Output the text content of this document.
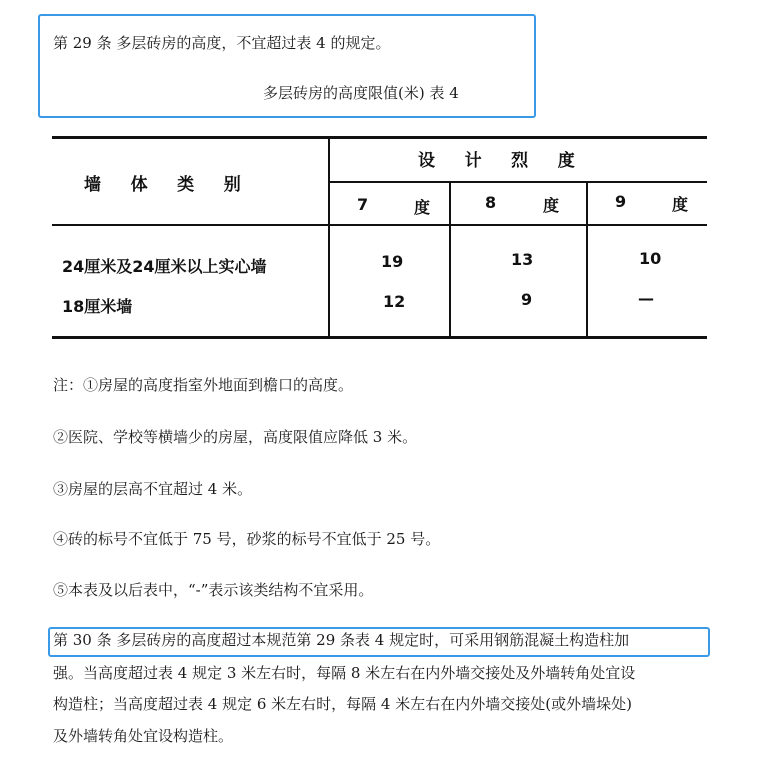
第 29 条 多层砖房的高度，不宜超过表 4 的规定。
多层砖房的高度限值(米) 表 4
墙     体     类     别
设     计     烈     度
7	度	8	度	9	度
24厘米及24厘米以上实心墙	19	13	10
18厘米墙	12	9	—
注：①房屋的高度指室外地面到檐口的高度。
②医院、学校等横墙少的房屋，高度限值应降低 3 米。
③房屋的层高不宜超过 4 米。
④砖的标号不宜低于 75 号，砂浆的标号不宜低于 25 号。
⑤本表及以后表中，“-”表示该类结构不宜采用。
第 30 条 多层砖房的高度超过本规范第 29 条表 4 规定时，可采用钢筋混凝土构造柱加
强。当高度超过表 4 规定 3 米左右时，每隔 8 米左右在内外墙交接处及外墙转角处宜设
构造柱；当高度超过表 4 规定 6 米左右时，每隔 4 米左右在内外墙交接处(或外墙垛处)
及外墙转角处宜设构造柱。
